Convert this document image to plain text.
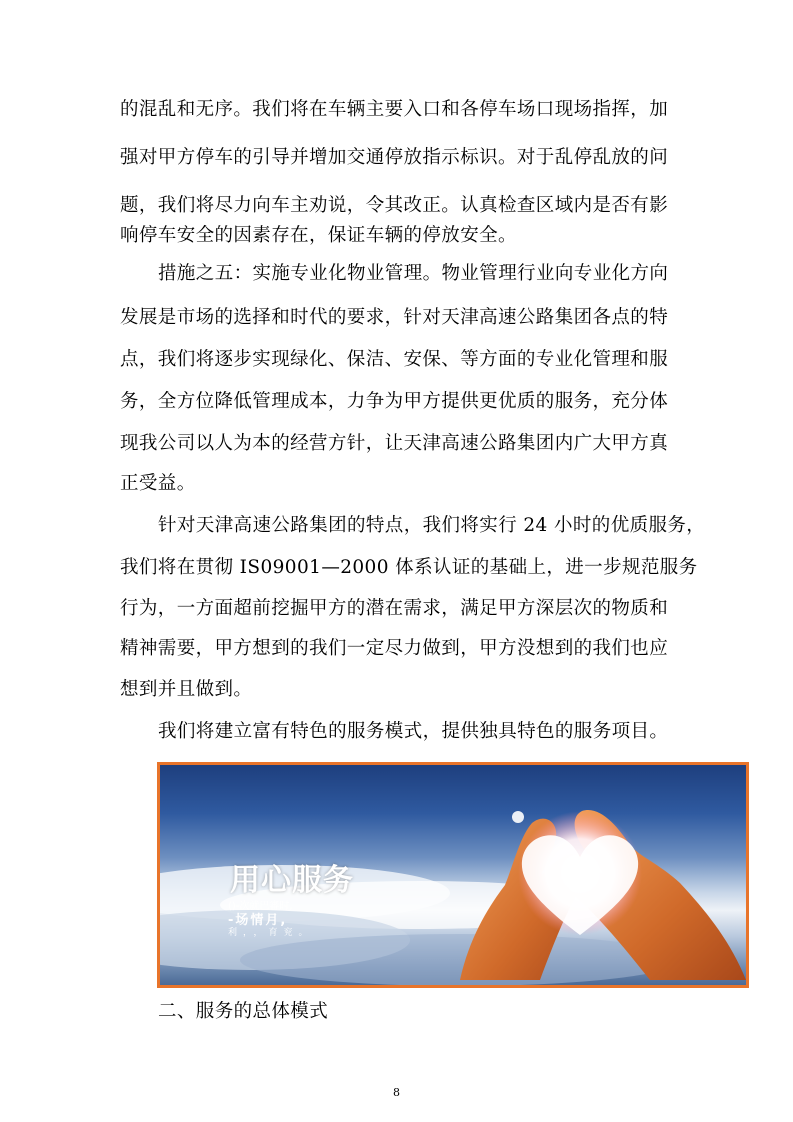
的混乱和无序。我们将在车辆主要入口和各停车场口现场指挥，加
强对甲方停车的引导并增加交通停放指示标识。对于乱停乱放的问
题，我们将尽力向车主劝说，令其改正。认真检查区域内是否有影
响停车安全的因素存在，保证车辆的停放安全。
措施之五：实施专业化物业管理。物业管理行业向专业化方向
发展是市场的选择和时代的要求，针对天津高速公路集团各点的特
点，我们将逐步实现绿化、保洁、安保、等方面的专业化管理和服
务，全方位降低管理成本，力争为甲方提供更优质的服务，充分体
现我公司以人为本的经营方针，让天津高速公路集团内广大甲方真
正受益。
针对天津高速公路集团的特点，我们将实行 24 小时的优质服务，
我们将在贯彻 IS09001—2000 体系认证的基础上，进一步规范服务
行为，一方面超前挖掘甲方的潜在需求，满足甲方深层次的物质和
精神需要，甲方想到的我们一定尽力做到，甲方没想到的我们也应
想到并且做到。
我们将建立富有特色的服务模式，提供独具特色的服务项目。
用心服务
()-次就巴審时,
-场情月,
利，，育兖。
二、服务的总体模式
8
